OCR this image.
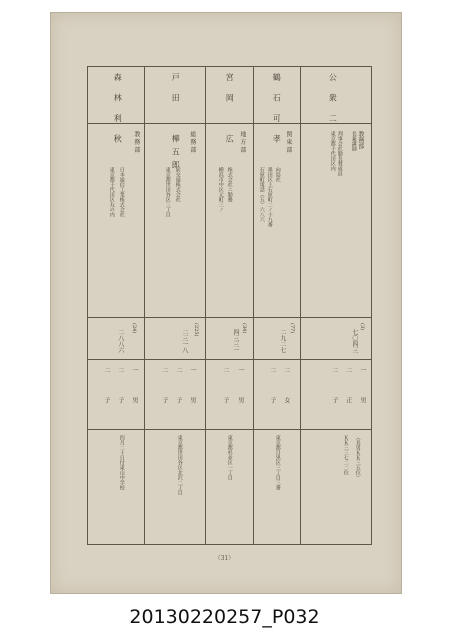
公 衆 二
教務部
長兼講師
判事会社勤長賛成員
東京都千代田区内
(3)
七〇四三
一
二
二
男
正
子
（長男ＫＫ三五位）
ＫＫ三三七二二位
鶴 石 可 孝 関 東 部
向島社
墨田区上石原町二ノ十九番
石原町電話（五）六八六
(77)
二九二七
二
二
女
子
東京都目黒区三丁目三番
宮 岡 　 広 地 方 部
株式会社ニ勤務
横浜市中区元町三ノ
(34)
四三三一
一
二
男
子
東京都杉並区一丁目
戸 田 　 樺五郎 総 務 部
前交通株式会社
東京都世田谷区三丁目
(225)
二三一八
一
二
二
男
子
子
東京都世田谷区北沢二丁目
森 林 利 秋 教 務 部
日本通信工業株式会社
東京都千代田区丸の内
(24)
二八八六
一
二
二
男
子
子
四月二十日付東山中学校
（31）
20130220257_P032
